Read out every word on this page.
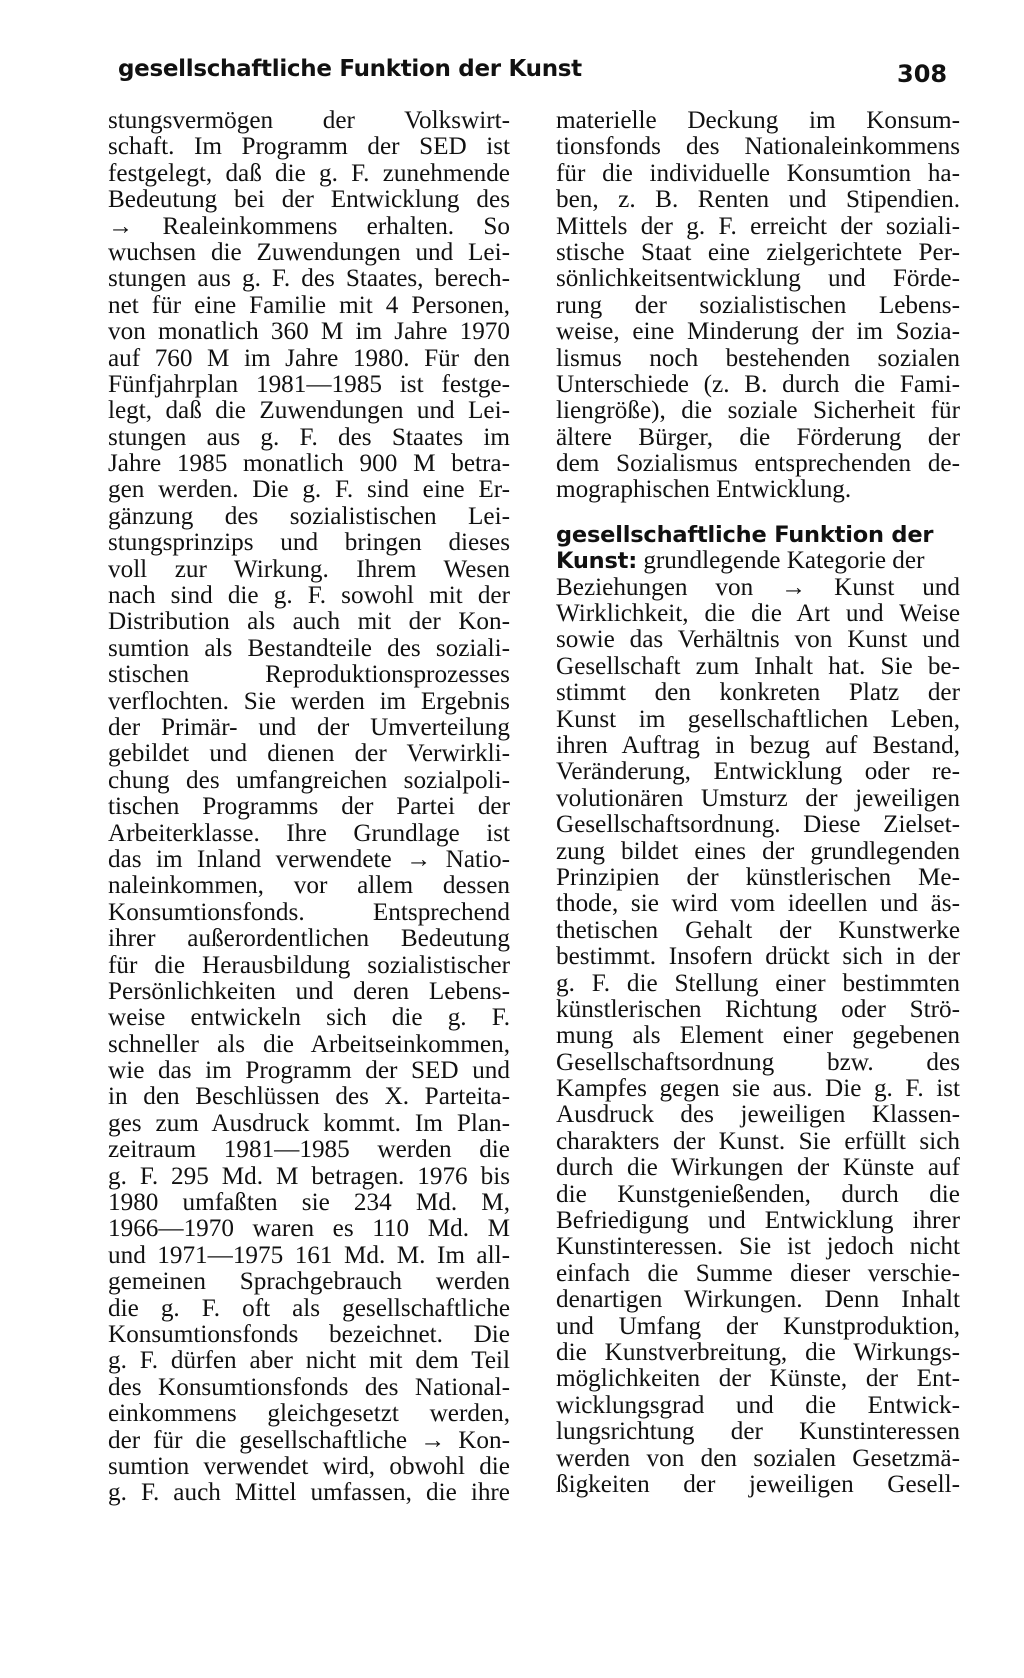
gesellschaftliche Funktion der Kunst	308
stungsvermögen der Volkswirt-
schaft. Im Programm der SED ist
festgelegt, daß die g. F. zunehmende
Bedeutung bei der Entwicklung des
→ Realeinkommens erhalten. So
wuchsen die Zuwendungen und Lei-
stungen aus g. F. des Staates, berech-
net für eine Familie mit 4 Personen,
von monatlich 360 M im Jahre 1970
auf 760 M im Jahre 1980. Für den
Fünfjahrplan 1981—1985 ist festge-
legt, daß die Zuwendungen und Lei-
stungen aus g. F. des Staates im
Jahre 1985 monatlich 900 M betra-
gen werden. Die g. F. sind eine Er-
gänzung des sozialistischen Lei-
stungsprinzips und bringen dieses
voll zur Wirkung. Ihrem Wesen
nach sind die g. F. sowohl mit der
Distribution als auch mit der Kon-
sumtion als Bestandteile des soziali-
stischen Reproduktionsprozesses
verflochten. Sie werden im Ergebnis
der Primär- und der Umverteilung
gebildet und dienen der Verwirkli-
chung des umfangreichen sozialpoli-
tischen Programms der Partei der
Arbeiterklasse. Ihre Grundlage ist
das im Inland verwendete → Natio-
naleinkommen, vor allem dessen
Konsumtionsfonds. Entsprechend
ihrer außerordentlichen Bedeutung
für die Herausbildung sozialistischer
Persönlichkeiten und deren Lebens-
weise entwickeln sich die g. F.
schneller als die Arbeitseinkommen,
wie das im Programm der SED und
in den Beschlüssen des X. Parteita-
ges zum Ausdruck kommt. Im Plan-
zeitraum 1981—1985 werden die
g. F. 295 Md. M betragen. 1976 bis
1980 umfaßten sie 234 Md. M,
1966—1970 waren es 110 Md. M
und 1971—1975 161 Md. M. Im all-
gemeinen Sprachgebrauch werden
die g. F. oft als gesellschaftliche
Konsumtionsfonds bezeichnet. Die
g. F. dürfen aber nicht mit dem Teil
des Konsumtionsfonds des National-
einkommens gleichgesetzt werden,
der für die gesellschaftliche → Kon-
sumtion verwendet wird, obwohl die
g. F. auch Mittel umfassen, die ihre
materielle Deckung im Konsum-
tionsfonds des Nationaleinkommens
für die individuelle Konsumtion ha-
ben, z. B. Renten und Stipendien.
Mittels der g. F. erreicht der soziali-
stische Staat eine zielgerichtete Per-
sönlichkeitsentwicklung und Förde-
rung der sozialistischen Lebens-
weise, eine Minderung der im Sozia-
lismus noch bestehenden sozialen
Unterschiede (z. B. durch die Fami-
liengröße), die soziale Sicherheit für
ältere Bürger, die Förderung der
dem Sozialismus entsprechenden de-
mographischen Entwicklung.
gesellschaftliche Funktion der
Kunst: grundlegende Kategorie der
Beziehungen von → Kunst und
Wirklichkeit, die die Art und Weise
sowie das Verhältnis von Kunst und
Gesellschaft zum Inhalt hat. Sie be-
stimmt den konkreten Platz der
Kunst im gesellschaftlichen Leben,
ihren Auftrag in bezug auf Bestand,
Veränderung, Entwicklung oder re-
volutionären Umsturz der jeweiligen
Gesellschaftsordnung. Diese Zielset-
zung bildet eines der grundlegenden
Prinzipien der künstlerischen Me-
thode, sie wird vom ideellen und äs-
thetischen Gehalt der Kunstwerke
bestimmt. Insofern drückt sich in der
g. F. die Stellung einer bestimmten
künstlerischen Richtung oder Strö-
mung als Element einer gegebenen
Gesellschaftsordnung bzw. des
Kampfes gegen sie aus. Die g. F. ist
Ausdruck des jeweiligen Klassen-
charakters der Kunst. Sie erfüllt sich
durch die Wirkungen der Künste auf
die Kunstgenießenden, durch die
Befriedigung und Entwicklung ihrer
Kunstinteressen. Sie ist jedoch nicht
einfach die Summe dieser verschie-
denartigen Wirkungen. Denn Inhalt
und Umfang der Kunstproduktion,
die Kunstverbreitung, die Wirkungs-
möglichkeiten der Künste, der Ent-
wicklungsgrad und die Entwick-
lungsrichtung der Kunstinteressen
werden von den sozialen Gesetzmä-
ßigkeiten der jeweiligen Gesell-
